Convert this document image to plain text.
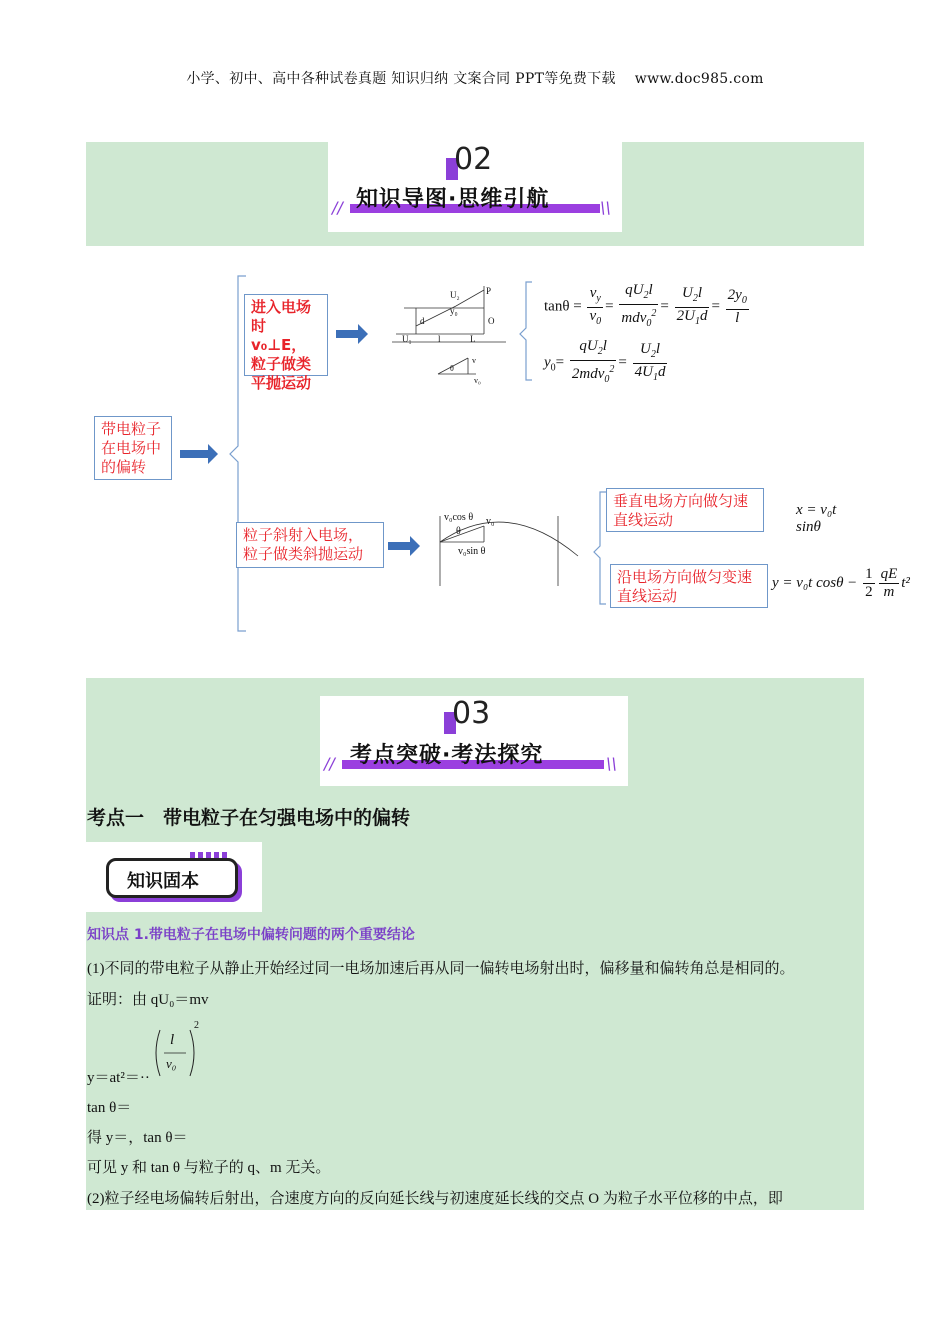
小学、初中、高中各种试卷真题 知识归纳 文案合同 PPT等免费下载　 www.doc985.com
02
知识导图·思维引航
//	\\
带电粒子在电场中的偏转
进入电场时v₀⊥E，粒子做类平抛运动
粒子斜射入电场，粒子做类斜抛运动
垂直电场方向做匀速直线运动
沿电场方向做匀变速直线运动
U₂
d
y₀
P
O
U₁	l	L
v₀
v
θ
v₀cos θ v₀
θ
v₀sin θ
$\tan\theta = \frac{v_y}{v_0} = \frac{qU_2l}{mdv_0^2} = \frac{U_2l}{2U_1d} = \frac{2y_0}{l}$
$y_0= \frac{qU_2l}{2mdv_0^2} = \frac{U_2l}{4U_1d}$
x = v₀t sinθ
y = v₀t $\cos\theta - \frac{1}{2} \frac{qE}{m} t^2$
03
考点突破·考法探究
//	\\
考点一　带电粒子在匀强电场中的偏转
知识固本
知识点 1.带电粒子在电场中偏转问题的两个重要结论
(1)不同的带电粒子从静止开始经过同一电场加速后再从同一偏转电场射出时，偏移量和偏转角总是相同的。
证明：由 qU₀＝mv
l
v₀
2
y＝at²＝··
tan θ＝
得 y＝，tan θ＝
可见 y 和 tan θ 与粒子的 q、m 无关。
(2)粒子经电场偏转后射出，合速度方向的反向延长线与初速度延长线的交点 O 为粒子水平位移的中点，即
